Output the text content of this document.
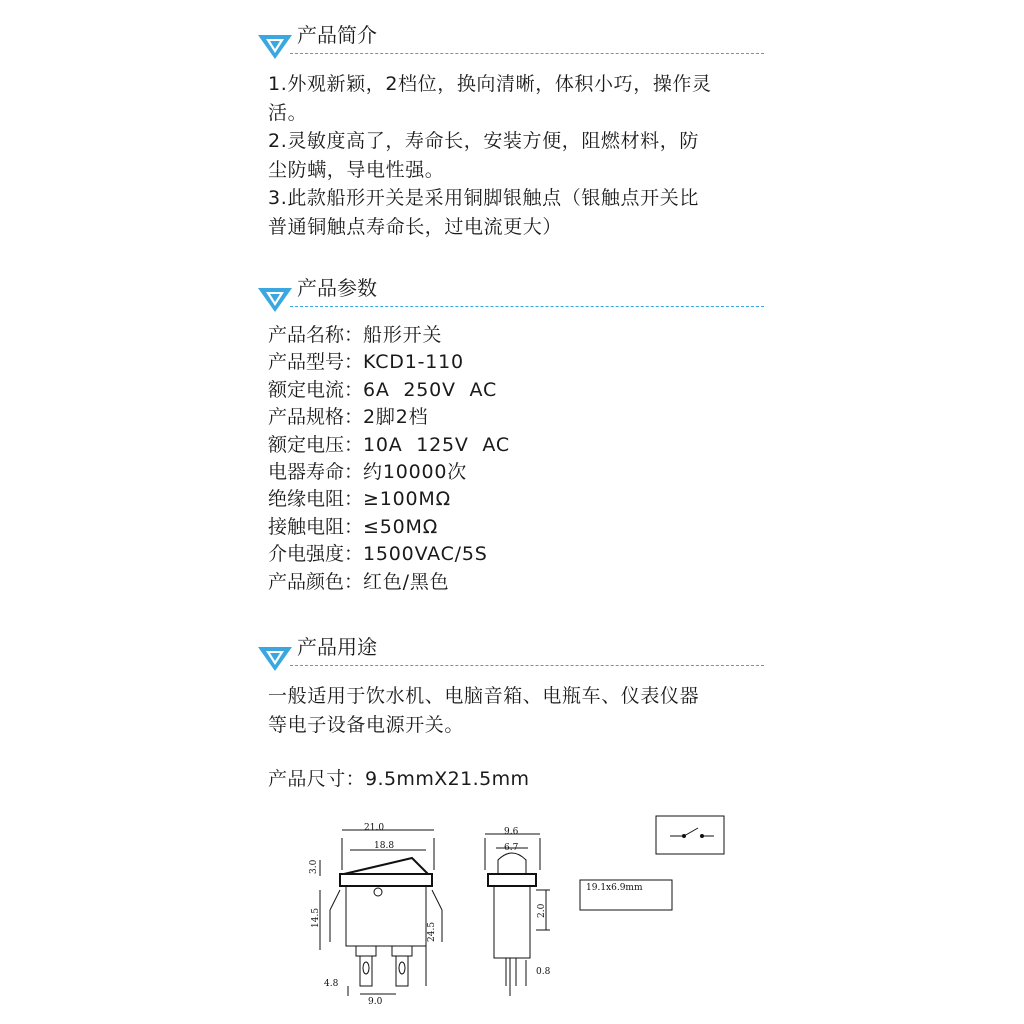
产品简介

1.外观新颖，2档位，换向清晰，体积小巧，操作灵

活。

2.灵敏度高了，寿命长，安装方便，阻燃材料，防

尘防螨，导电性强。

3.此款船形开关是采用铜脚银触点（银触点开关比

普通铜触点寿命长，过电流更大）

产品参数
产品名称：船形开关
产品型号：KCD1-110
额定电流：6A  250V  AC
产品规格：2脚2档
额定电压：10A  125V  AC
电器寿命：约10000次
绝缘电阻：≥100MΩ
接触电阻：≤50MΩ
介电强度：1500VAC/5S
产品颜色：红色/黑色
产品用途

一般适用于饮水机、电脑音箱、电瓶车、仪表仪器

等电子设备电源开关。

产品尺寸：9.5mmX21.5mm
21.0
18.8
3.0
14.5
24.5
4.8
9.0
9.6
6.7
2.0
0.8
19.1x6.9mm
